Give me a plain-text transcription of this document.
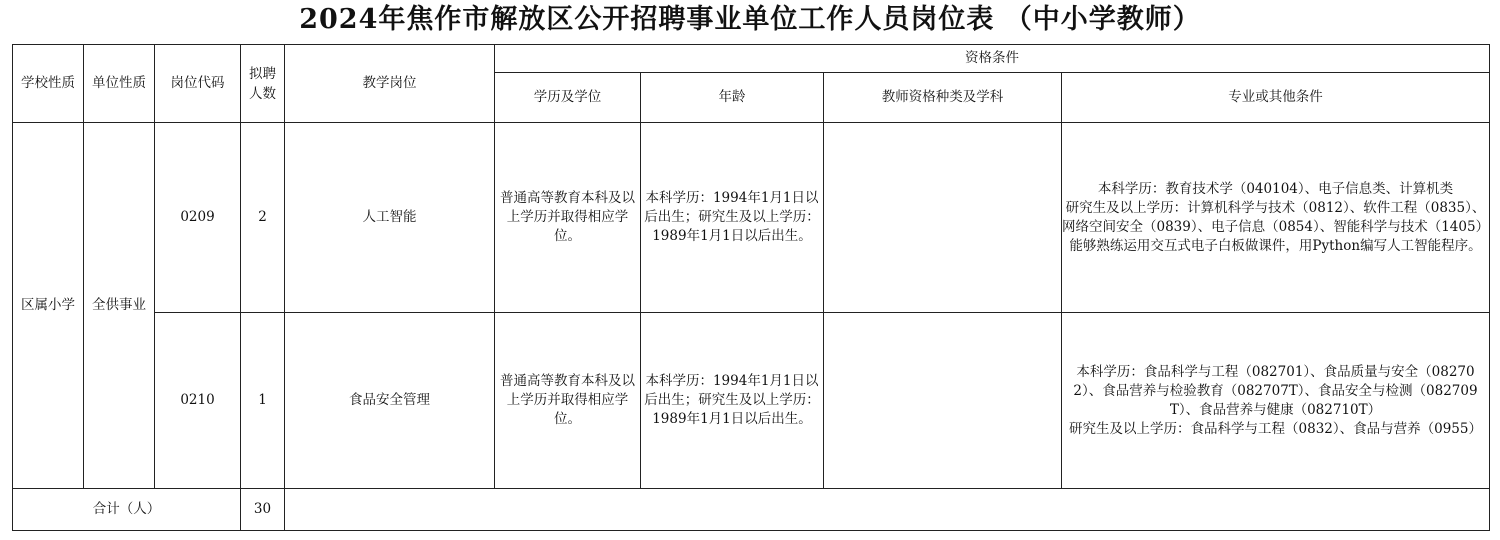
2024年焦作市解放区公开招聘事业单位工作人员岗位表 （中小学教师）
学校性质	单位性质	岗位代码	拟聘人数	教学岗位	资格条件			
					学历及学位	年龄	教师资格种类及学科	专业或其他条件
区属小学	全供事业	0209	2	人工智能	普通高等教育本科及以上学历并取得相应学位。	本科学历：1994年1月1日以后出生；研究生及以上学历：1989年1月1日以后出生。		本科学历：教育技术学（040104）、电子信息类、计算机类
研究生及以上学历：计算机科学与技术（0812）、软件工程（0835）、网络空间安全（0839）、电子信息（0854）、智能科学与技术（1405）
能够熟练运用交互式电子白板做课件，用Python编写人工智能程序。

		0210	1	食品安全管理	普通高等教育本科及以上学历并取得相应学位。	本科学历：1994年1月1日以后出生；研究生及以上学历：1989年1月1日以后出生。		本科学历：食品科学与工程（082701）、食品质量与安全（082702）、食品营养与检验教育（082707T）、食品安全与检测（082709T）、食品营养与健康（082710T）
研究生及以上学历：食品科学与工程（0832）、食品与营养（0955）

合计（人）			30					
